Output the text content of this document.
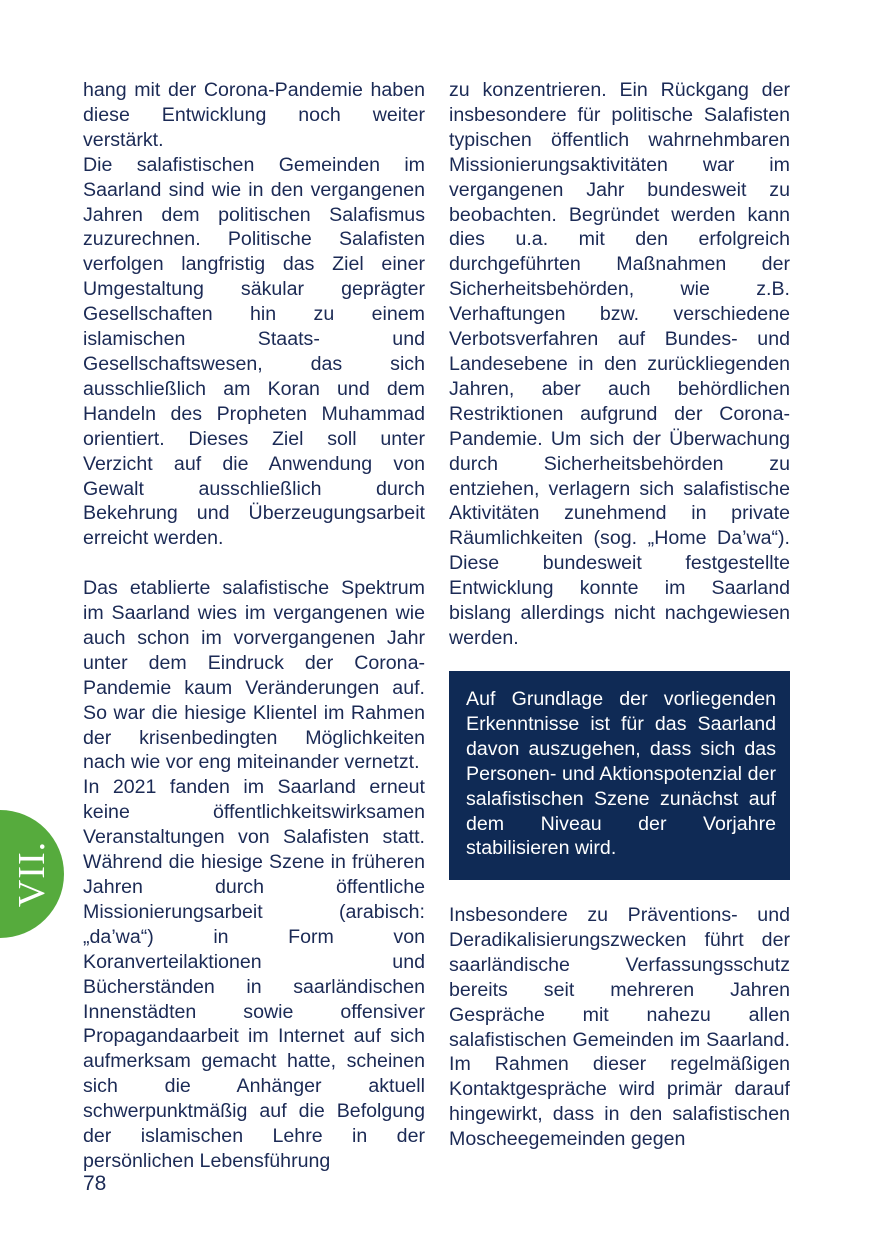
hang mit der Corona-Pandemie haben diese Entwicklung noch weiter verstärkt.

Die salafistischen Gemeinden im Saarland sind wie in den vergangenen Jahren dem politischen Salafismus zuzurechnen. Politische Salafisten verfolgen langfristig das Ziel einer Umgestaltung säkular geprägter Gesellschaften hin zu einem islamischen Staats- und Gesellschaftswesen, das sich ausschließlich am Koran und dem Handeln des Propheten Muhammad orientiert. Dieses Ziel soll unter Verzicht auf die Anwendung von Gewalt ausschließlich durch Bekehrung und Überzeugungsarbeit erreicht werden.

Das etablierte salafistische Spektrum im Saarland wies im vergangenen wie auch schon im vorvergangenen Jahr unter dem Eindruck der Corona-Pandemie kaum Veränderungen auf. So war die hiesige Klientel im Rahmen der krisenbedingten Möglichkeiten nach wie vor eng miteinander vernetzt.

In 2021 fanden im Saarland erneut keine öffentlichkeitswirksamen Veranstaltungen von Salafisten statt. Während die hiesige Szene in früheren Jahren durch öffentliche Missionierungsarbeit (arabisch: „da’wa“) in Form von Koranverteilaktionen und Bücherständen in saarländischen Innenstädten sowie offensiver Propagandaarbeit im Internet auf sich aufmerksam gemacht hatte, scheinen sich die Anhänger aktuell schwerpunktmäßig auf die Befolgung der islamischen Lehre in der persönlichen Lebensführung

zu konzentrieren. Ein Rückgang der insbesondere für politische Salafisten typischen öffentlich wahrnehmbaren Missionierungsaktivitäten war im vergangenen Jahr bundesweit zu beobachten. Begründet werden kann dies u.a. mit den erfolgreich durchgeführten Maßnahmen der Sicherheitsbehörden, wie z.B. Verhaftungen bzw. verschiedene Verbotsverfahren auf Bundes- und Landesebene in den zurückliegenden Jahren, aber auch behördlichen Restriktionen aufgrund der Corona-Pandemie. Um sich der Überwachung durch Sicherheitsbehörden zu entziehen, verlagern sich salafistische Aktivitäten zunehmend in private Räumlichkeiten (sog. „Home Da’wa“). Diese bundesweit festgestellte Entwicklung konnte im Saarland bislang allerdings nicht nachgewiesen werden.

Auf Grundlage der vorliegenden Erkenntnisse ist für das Saarland davon auszugehen, dass sich das Personen- und Aktionspotenzial der salafistischen Szene zunächst auf dem Niveau der Vorjahre stabilisieren wird.

Insbesondere zu Präventions- und Deradikalisierungszwecken führt der saarländische Verfassungsschutz bereits seit mehreren Jahren Gespräche mit nahezu allen salafistischen Gemeinden im Saarland. Im Rahmen dieser regelmäßigen Kontaktgespräche wird primär darauf hingewirkt, dass in den salafistischen Moscheegemeinden gegen

VII.
78
